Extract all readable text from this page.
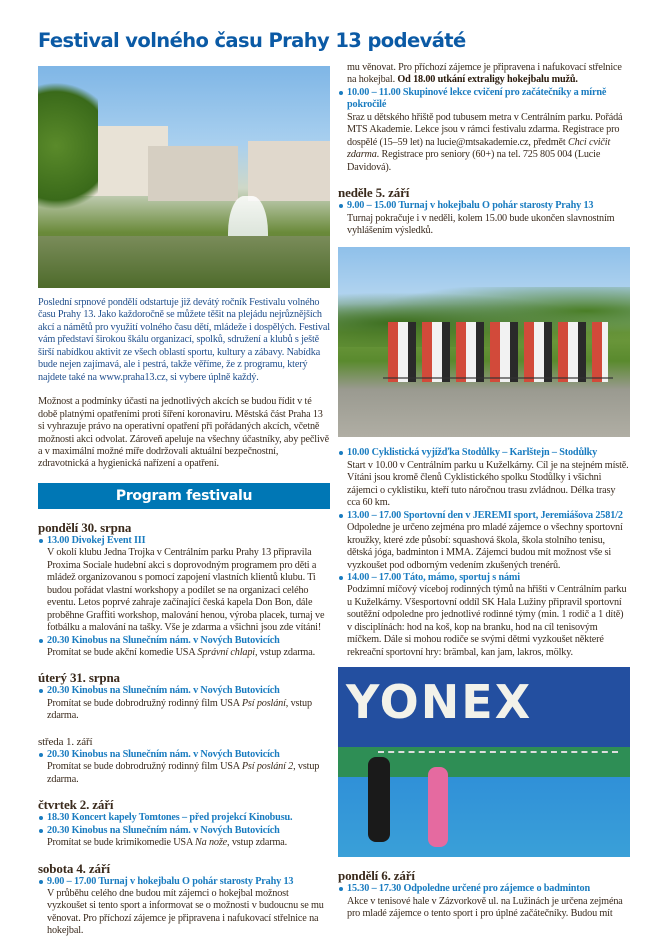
Festival volného času Prahy 13 podeváté

Poslední srpnové pondělí odstartuje již devátý ročník Festivalu volného času Prahy 13. Jako každoročně se můžete těšit na plejádu nejrůznějších akcí a námětů pro využití volného času dětí, mládeže i dospělých. Festival vám představí širokou škálu organizací, spolků, sdružení a klubů s ještě širší nabídkou aktivit ze všech oblastí sportu, kultury a zábavy. Nabídka bude nejen zajímavá, ale i pestrá, takže věříme, že z programu, který najdete také na www.praha13.cz, si vybere úplně každý.

Možnost a podmínky účasti na jednotlivých akcích se budou řídit v té době platnými opatřeními proti šíření koronaviru. Městská část Praha 13 si vyhrazuje právo na operativní opatření při pořádaných akcích, včetně možnosti akci odvolat. Zároveň apeluje na všechny účastníky, aby pečlivě a v maximální možné míře dodržovali aktuální bezpečnostní, zdravotnická a hygienická nařízení a opatření.

Program festivalu
pondělí 30. srpna
13.00 Divokej Event III
V okolí klubu Jedna Trojka v Centrálním parku Prahy 13 připravila Proxima Sociale hudební akci s doprovodným programem pro děti a mládež organizovanou s pomocí zapojení vlastních klientů klubu. Ti budou pořádat vlastní workshopy a podílet se na organizaci celého eventu. Letos poprvé zahraje začínající česká kapela Don Bon, dále proběhne Graffiti workshop, malování henou, výroba placek, turnaj ve fotbálku a malování na tašky. Vše je zdarma a všichni jsou zde vítáni!
20.30 Kinobus na Slunečním nám. v Nových Butovicích
Promítat se bude akční komedie USA Správní chlapi, vstup zdarma.
úterý 31. srpna
20.30 Kinobus na Slunečním nám. v Nových Butovicích
Promítat se bude dobrodružný rodinný film USA Psí poslání, vstup zdarma.
středa 1. září
20.30 Kinobus na Slunečním nám. v Nových Butovicích
Promítat se bude dobrodružný rodinný film USA Psí poslání 2, vstup zdarma.
čtvrtek 2. září
18.30 Koncert kapely Tomtones – před projekcí Kinobusu.
20.30 Kinobus na Slunečním nám. v Nových Butovicích
Promítat se bude krimikomedie USA Na nože, vstup zdarma.
sobota 4. září
9.00 – 17.00 Turnaj v hokejbalu O pohár starosty Prahy 13
V průběhu celého dne budou mít zájemci o hokejbal možnost vyzkoušet si tento sport a informovat se o možnosti v budoucnu se mu věnovat. Pro příchozí zájemce je připravena i nafukovací střelnice na hokejbal.
mu věnovat. Pro příchozí zájemce je připravena i nafukovací střelnice na hokejbal. Od 18.00 utkání extraligy hokejbalu mužů.
10.00 – 11.00 Skupinové lekce cvičení pro začátečníky a mírně pokročilé
Sraz u dětského hřiště pod tubusem metra v Centrálním parku. Pořádá MTS Akademie. Lekce jsou v rámci festivalu zdarma. Registrace pro dospělé (15–59 let) na lucie@mtsakademie.cz, předmět Chci cvičit zdarma. Registrace pro seniory (60+) na tel. 725 805 004 (Lucie Davidová).
neděle 5. září
9.00 – 15.00 Turnaj v hokejbalu O pohár starosty Prahy 13
Turnaj pokračuje i v neděli, kolem 15.00 bude ukončen slavnostním vyhlášením výsledků.
10.00 Cyklistická vyjížďka Stodůlky – Karlštejn – Stodůlky
Start v 10.00 v Centrálním parku u Kuželkárny. Cíl je na stejném místě. Vítáni jsou kromě členů Cyklistického spolku Stodůlky i všichni zájemci o cyklistiku, kteří tuto náročnou trasu zvládnou. Délka trasy cca 60 km.
13.00 – 17.00 Sportovní den v JEREMI sport, Jeremiášova 2581/2
Odpoledne je určeno zejména pro mladé zájemce o všechny sportovní kroužky, které zde působí: squashová škola, škola stolního tenisu, dětská jóga, badminton i MMA. Zájemci budou mít možnost vše si vyzkoušet pod odborným vedením zkušených trenérů.
14.00 – 17.00 Táto, mámo, sportuj s námi
Podzimní míčový víceboj rodinných týmů na hřišti v Centrálním parku u Kuželkárny. Všesportovní oddíl SK Hala Lužiny připravil sportovní soutěžní odpoledne pro jednotlivé rodinné týmy (min. 1 rodič a 1 dítě) v disciplínách: hod na koš, kop na branku, hod na cíl tenisovým míčkem. Dále si mohou rodiče se svými dětmi vyzkoušet některé rekreační sportovní hry: brämbal, kan jam, lakros, mölky.
YONEX
pondělí 6. září
15.30 – 17.30 Odpoledne určené pro zájemce o badminton
Akce v tenisové hale v Zázvorkově ul. na Lužinách je určena zejména pro mladé zájemce o tento sport i pro úplné začátečníky. Budou mít
